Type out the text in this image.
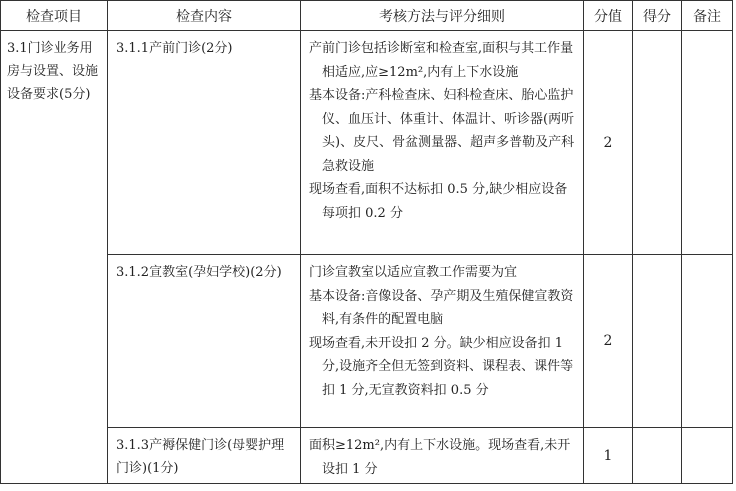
检查项目	检查内容	考核方法与评分细则	分值	得分	备注
3.1门诊业务用房与设置、设施设备要求(5分)	3.1.1产前门诊(2分)	产前门诊包括诊断室和检查室,面积与其工作量相适应,应≥12m²,内有上下水设施
基本设备:产科检查床、妇科检查床、胎心监护仪、血压计、体重计、体温计、听诊器(两听头)、皮尺、骨盆测量器、超声多普勒及产科急救设施
现场查看,面积不达标扣 0.5 分,缺少相应设备每项扣 0.2 分	2		
	3.1.2宣教室(孕妇学校)(2分)	门诊宣教室以适应宣教工作需要为宜
基本设备:音像设备、孕产期及生殖保健宣教资料,有条件的配置电脑
现场查看,未开设扣 2 分。缺少相应设备扣 1 分,设施齐全但无签到资料、课程表、课件等扣 1 分,无宣教资料扣 0.5 分	2		
	3.1.3产褥保健门诊(母婴护理门诊)(1分)	面积≥12m²,内有上下水设施。现场查看,未开设扣 1 分	1		
